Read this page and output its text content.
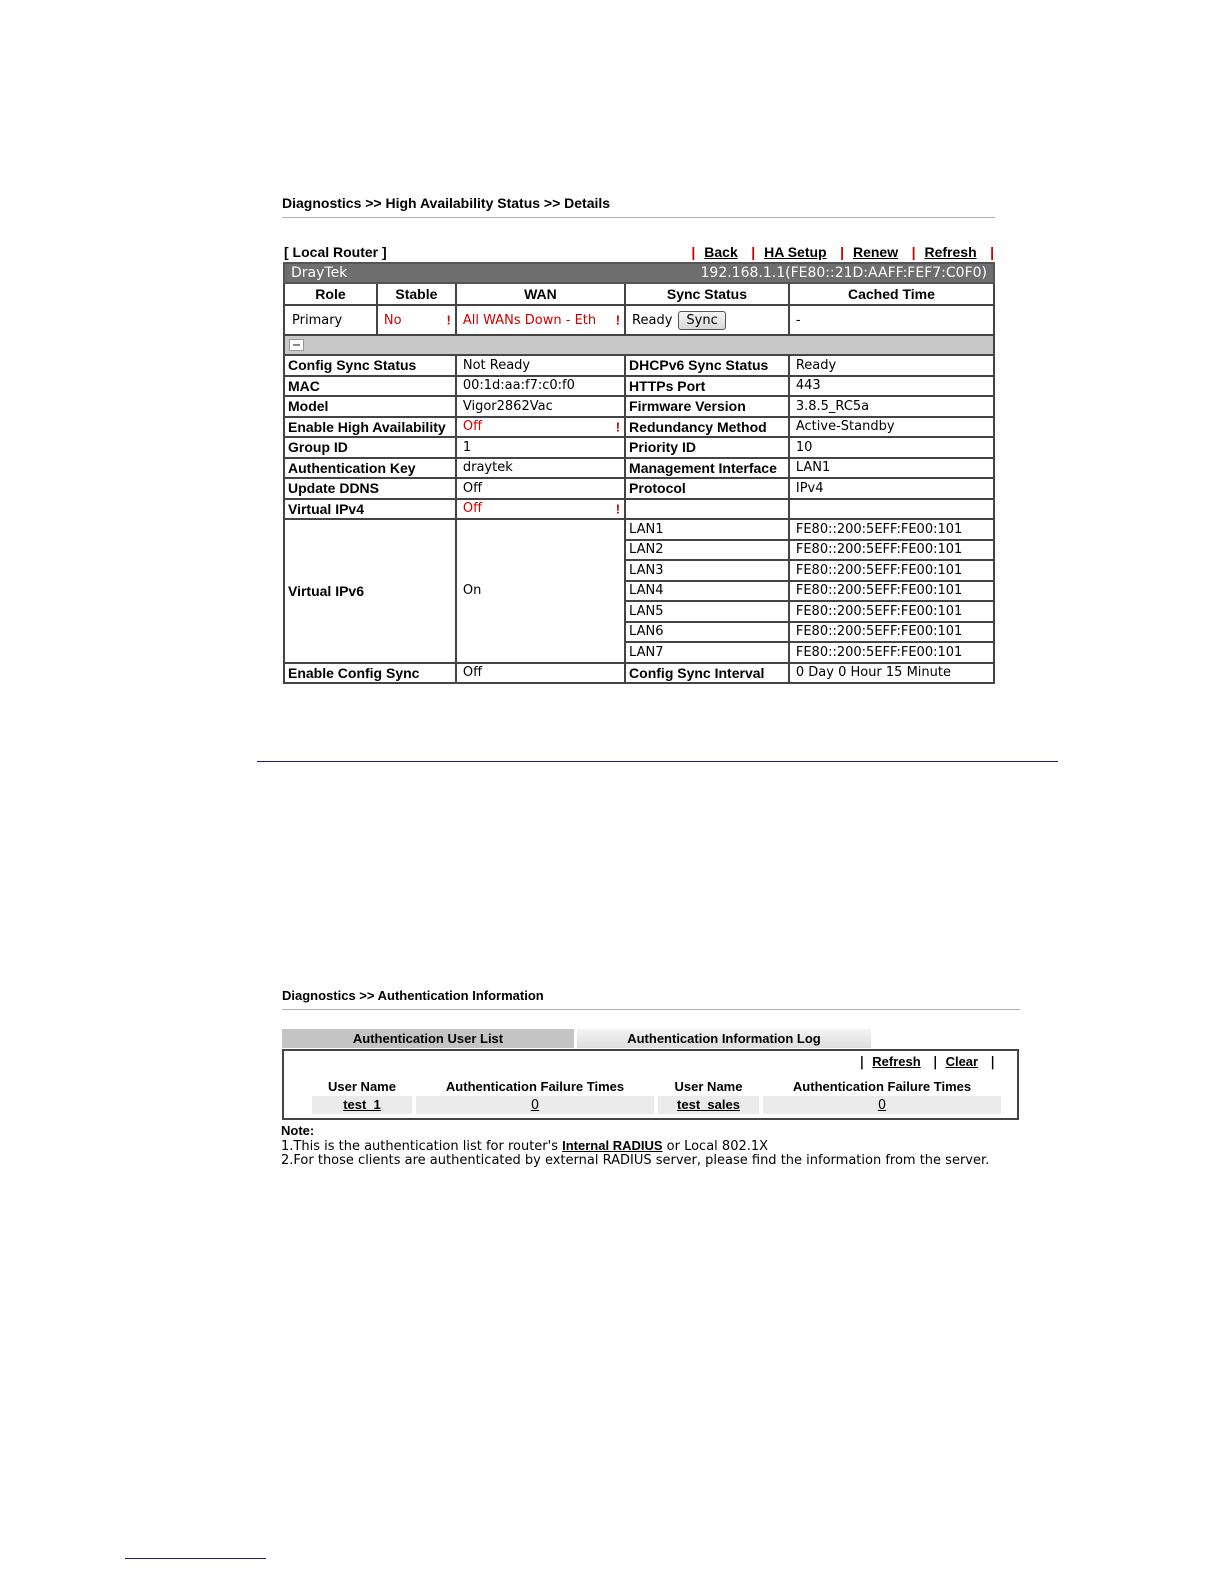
Diagnostics >> High Availability Status >> Details
[ Local Router ]	| Back | HA Setup | Renew | Refresh |
DrayTek		192.168.1.1(FE80::21D:AAFF:FEF7:C0F0)		
Role	Stable	WAN	Sync Status	Cached Time
Primary	No !	All WANs Down - Eth !	Ready Sync	-

Config Sync Status		Not Ready	DHCPv6 Sync Status	Ready
MAC		00:1d:aa:f7:c0:f0	HTTPs Port	443
Model		Vigor2862Vac	Firmware Version	3.8.5_RC5a
Enable High Availability		Off !	Redundancy Method	Active-Standby
Group ID		1	Priority ID	10
Authentication Key		draytek	Management Interface	LAN1
Update DDNS		Off	Protocol	IPv4
Virtual IPv4		Off !		

Virtual IPv6		On	LAN1	FE80::200:5EFF:FE00:101
			LAN2	FE80::200:5EFF:FE00:101
			LAN3	FE80::200:5EFF:FE00:101
			LAN4	FE80::200:5EFF:FE00:101
			LAN5	FE80::200:5EFF:FE00:101
			LAN6	FE80::200:5EFF:FE00:101
			LAN7	FE80::200:5EFF:FE00:101
Enable Config Sync		Off	Config Sync Interval	0 Day 0 Hour 15 Minute
Diagnostics >> Authentication Information
Authentication User List	Authentication Information Log
| Refresh | Clear |
User Name	Authentication Failure Times	User Name	Authentication Failure Times
test_1	0	test_sales	0
Note:
1.This is the authentication list for router's Internal RADIUS or Local 802.1X
2.For those clients are authenticated by external RADIUS server, please find the information from the server.
